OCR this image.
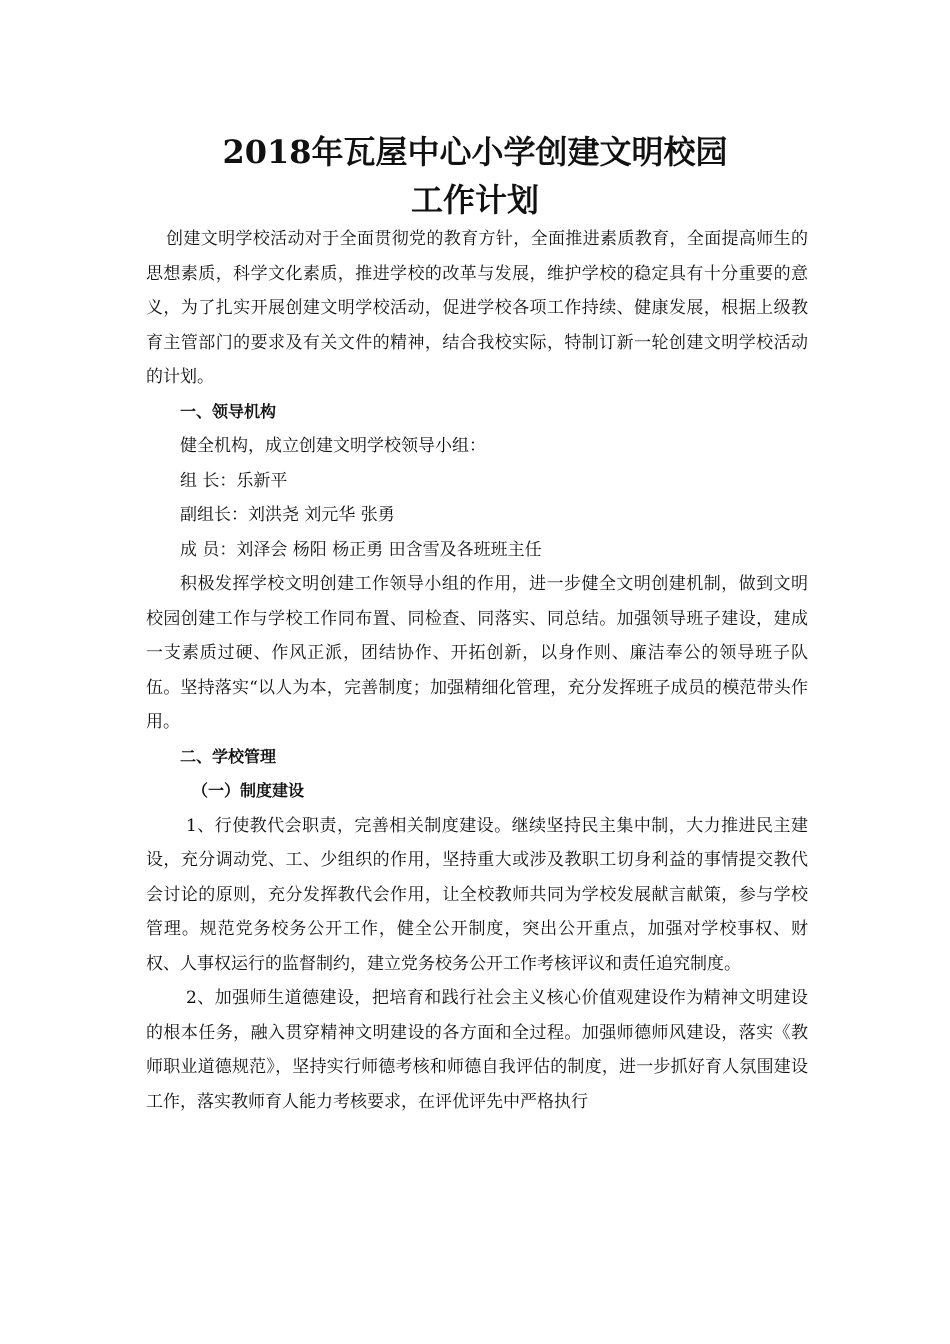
2018年瓦屋中心小学创建文明校园
工作计划

创建文明学校活动对于全面贯彻党的教育方针，全面推进素质教育，全面提高师生的思想素质，科学文化素质，推进学校的改革与发展，维护学校的稳定具有十分重要的意义，为了扎实开展创建文明学校活动，促进学校各项工作持续、健康发展，根据上级教育主管部门的要求及有关文件的精神，结合我校实际，特制订新一轮创建文明学校活动的计划。

一、领导机构

健全机构，成立创建文明学校领导小组：

组 长：乐新平

副组长：刘洪尧 刘元华 张勇

成 员：刘泽会 杨阳 杨正勇 田含雪及各班班主任

积极发挥学校文明创建工作领导小组的作用，进一步健全文明创建机制，做到文明校园创建工作与学校工作同布置、同检查、同落实、同总结。加强领导班子建设，建成一支素质过硬、作风正派，团结协作、开拓创新，以身作则、廉洁奉公的领导班子队伍。坚持落实“以人为本，完善制度；加强精细化管理，充分发挥班子成员的模范带头作用。

二、学校管理

（一）制度建设

1、行使教代会职责，完善相关制度建设。继续坚持民主集中制，大力推进民主建设，充分调动党、工、少组织的作用，坚持重大或涉及教职工切身利益的事情提交教代会讨论的原则，充分发挥教代会作用，让全校教师共同为学校发展献言献策，参与学校管理。规范党务校务公开工作，健全公开制度，突出公开重点，加强对学校事权、财权、人事权运行的监督制约，建立党务校务公开工作考核评议和责任追究制度。

2、加强师生道德建设，把培育和践行社会主义核心价值观建设作为精神文明建设的根本任务，融入贯穿精神文明建设的各方面和全过程。加强师德师风建设，落实《教师职业道德规范》，坚持实行师德考核和师德自我评估的制度，进一步抓好育人氛围建设工作，落实教师育人能力考核要求，在评优评先中严格执行
